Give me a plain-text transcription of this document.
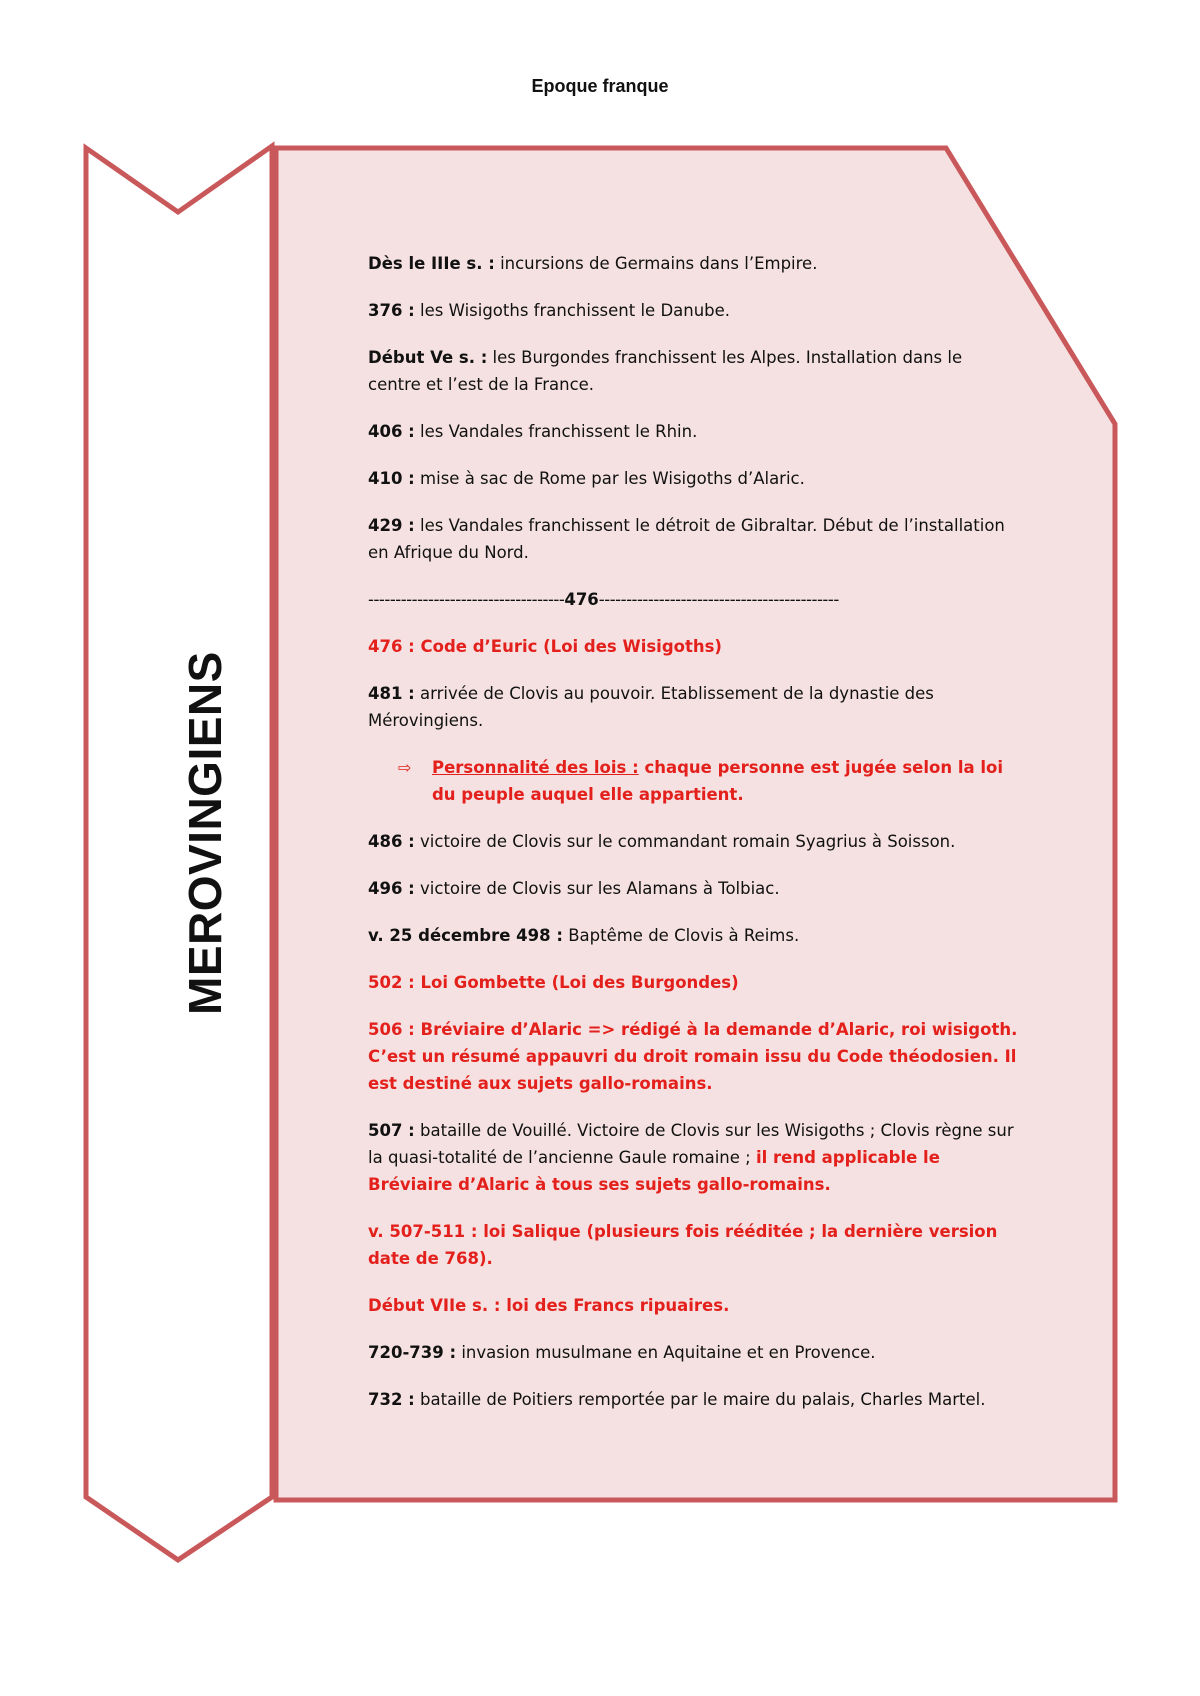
Epoque franque
MEROVINGIENS

Dès le IIIe s. : incursions de Germains dans l’Empire.

376 : les Wisigoths franchissent le Danube.

Début Ve s. : les Burgondes franchissent les Alpes. Installation dans le centre et l’est de la France.

406 : les Vandales franchissent le Rhin.

410 : mise à sac de Rome par les Wisigoths d’Alaric.

429 : les Vandales franchissent le détroit de Gibraltar. Début de l’installation en Afrique du Nord.

------------------------------------476--------------------------------------------

476 : Code d’Euric (Loi des Wisigoths)

481 : arrivée de Clovis au pouvoir. Etablissement de la dynastie des Mérovingiens.

⇨	Personnalité des lois : chaque personne est jugée selon la loi du peuple auquel elle appartient.

486 : victoire de Clovis sur le commandant romain Syagrius à Soisson.

496 : victoire de Clovis sur les Alamans à Tolbiac.

v. 25 décembre 498 : Baptême de Clovis à Reims.

502 : Loi Gombette (Loi des Burgondes)

506 : Bréviaire d’Alaric => rédigé à la demande d’Alaric, roi wisigoth. C’est un résumé appauvri du droit romain issu du Code théodosien. Il est destiné aux sujets gallo-romains.

507 : bataille de Vouillé. Victoire de Clovis sur les Wisigoths ; Clovis règne sur la quasi-totalité de l’ancienne Gaule romaine ; il rend applicable le Bréviaire d’Alaric à tous ses sujets gallo-romains.

v. 507-511 : loi Salique (plusieurs fois rééditée ; la dernière version date de 768).

Début VIIe s. : loi des Francs ripuaires.

720-739 : invasion musulmane en Aquitaine et en Provence.

732 : bataille de Poitiers remportée par le maire du palais, Charles Martel.
